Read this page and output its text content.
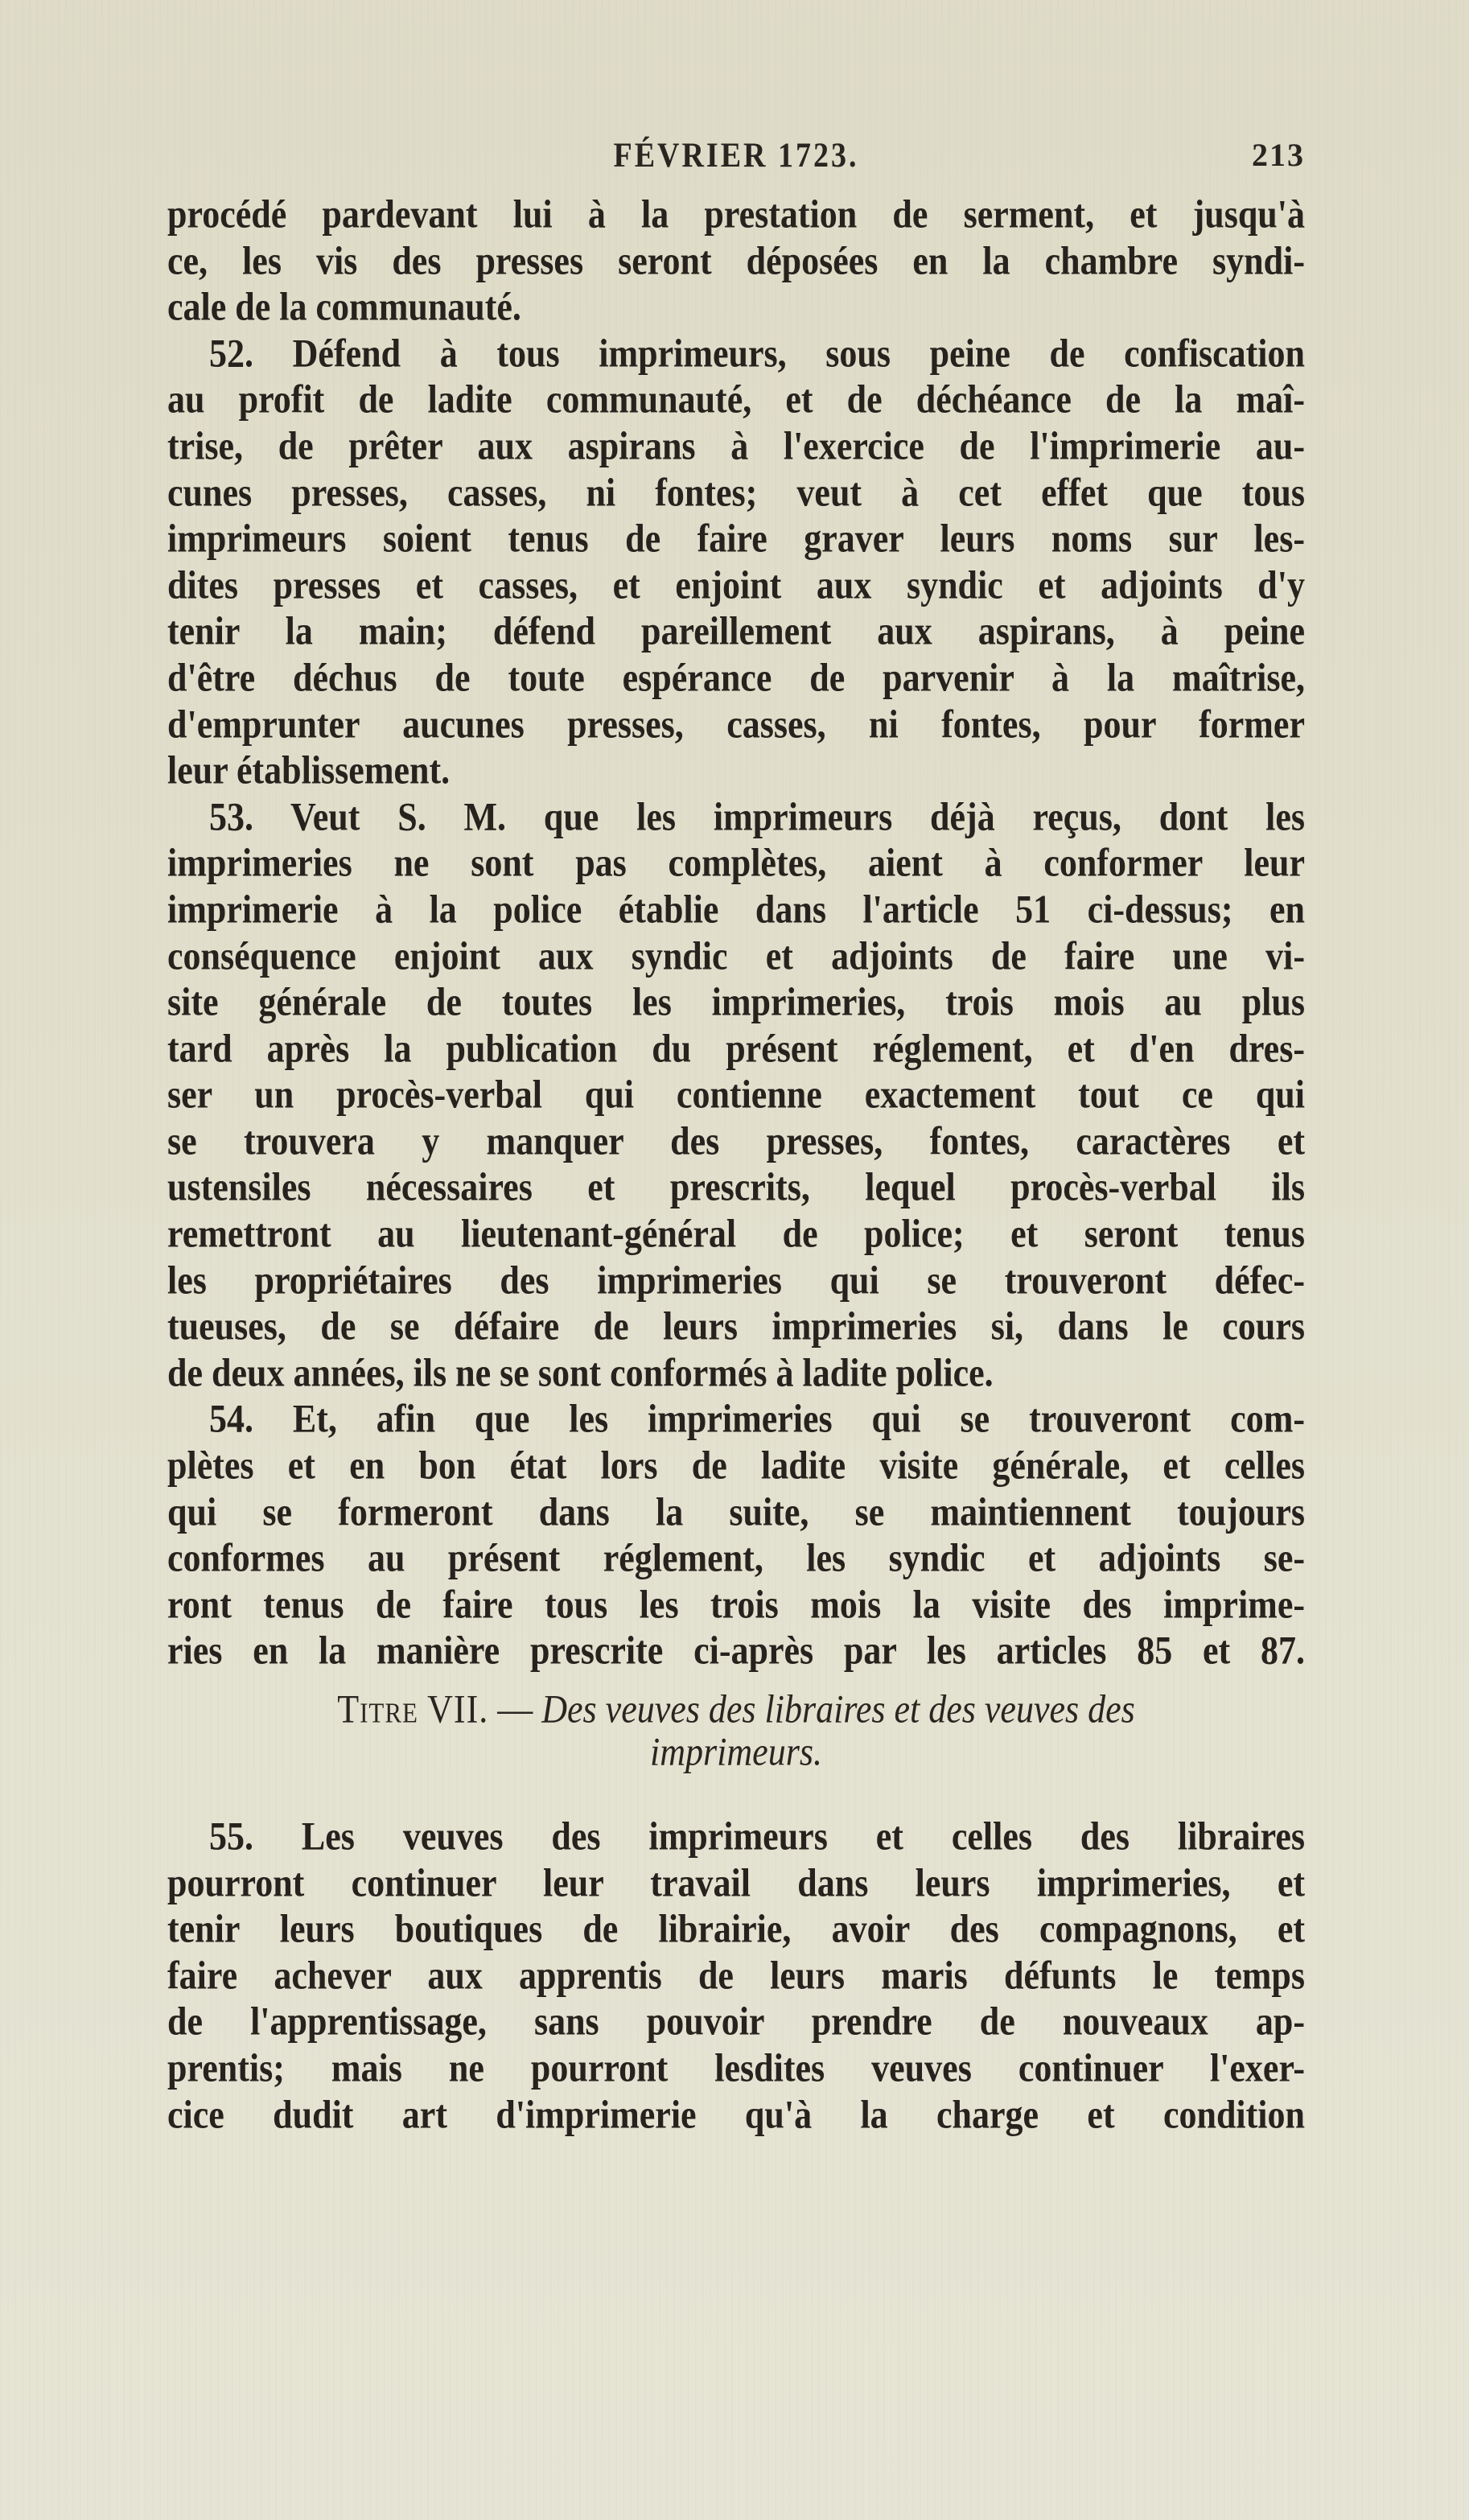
FÉVRIER 1723.	213
procédé pardevant lui à la prestation de serment, et jusqu'à
ce, les vis des presses seront déposées en la chambre syndi-
cale de la communauté.
52. Défend à tous imprimeurs, sous peine de confiscation
au profit de ladite communauté, et de déchéance de la maî-
trise, de prêter aux aspirans à l'exercice de l'imprimerie au-
cunes presses, casses, ni fontes; veut à cet effet que tous
imprimeurs soient tenus de faire graver leurs noms sur les-
dites presses et casses, et enjoint aux syndic et adjoints d'y
tenir la main; défend pareillement aux aspirans, à peine
d'être déchus de toute espérance de parvenir à la maîtrise,
d'emprunter aucunes presses, casses, ni fontes, pour former
leur établissement.
53. Veut S. M. que les imprimeurs déjà reçus, dont les
imprimeries ne sont pas complètes, aient à conformer leur
imprimerie à la police établie dans l'article 51 ci-dessus; en
conséquence enjoint aux syndic et adjoints de faire une vi-
site générale de toutes les imprimeries, trois mois au plus
tard après la publication du présent réglement, et d'en dres-
ser un procès-verbal qui contienne exactement tout ce qui
se trouvera y manquer des presses, fontes, caractères et
ustensiles nécessaires et prescrits, lequel procès-verbal ils
remettront au lieutenant-général de police; et seront tenus
les propriétaires des imprimeries qui se trouveront défec-
tueuses, de se défaire de leurs imprimeries si, dans le cours
de deux années, ils ne se sont conformés à ladite police.
54. Et, afin que les imprimeries qui se trouveront com-
plètes et en bon état lors de ladite visite générale, et celles
qui se formeront dans la suite, se maintiennent toujours
conformes au présent réglement, les syndic et adjoints se-
ront tenus de faire tous les trois mois la visite des imprime-
ries en la manière prescrite ci-après par les articles 85 et 87.
Titre VII. — Des veuves des libraires et des veuves des
imprimeurs.
55. Les veuves des imprimeurs et celles des libraires
pourront continuer leur travail dans leurs imprimeries, et
tenir leurs boutiques de librairie, avoir des compagnons, et
faire achever aux apprentis de leurs maris défunts le temps
de l'apprentissage, sans pouvoir prendre de nouveaux ap-
prentis; mais ne pourront lesdites veuves continuer l'exer-
cice dudit art d'imprimerie qu'à la charge et condition
